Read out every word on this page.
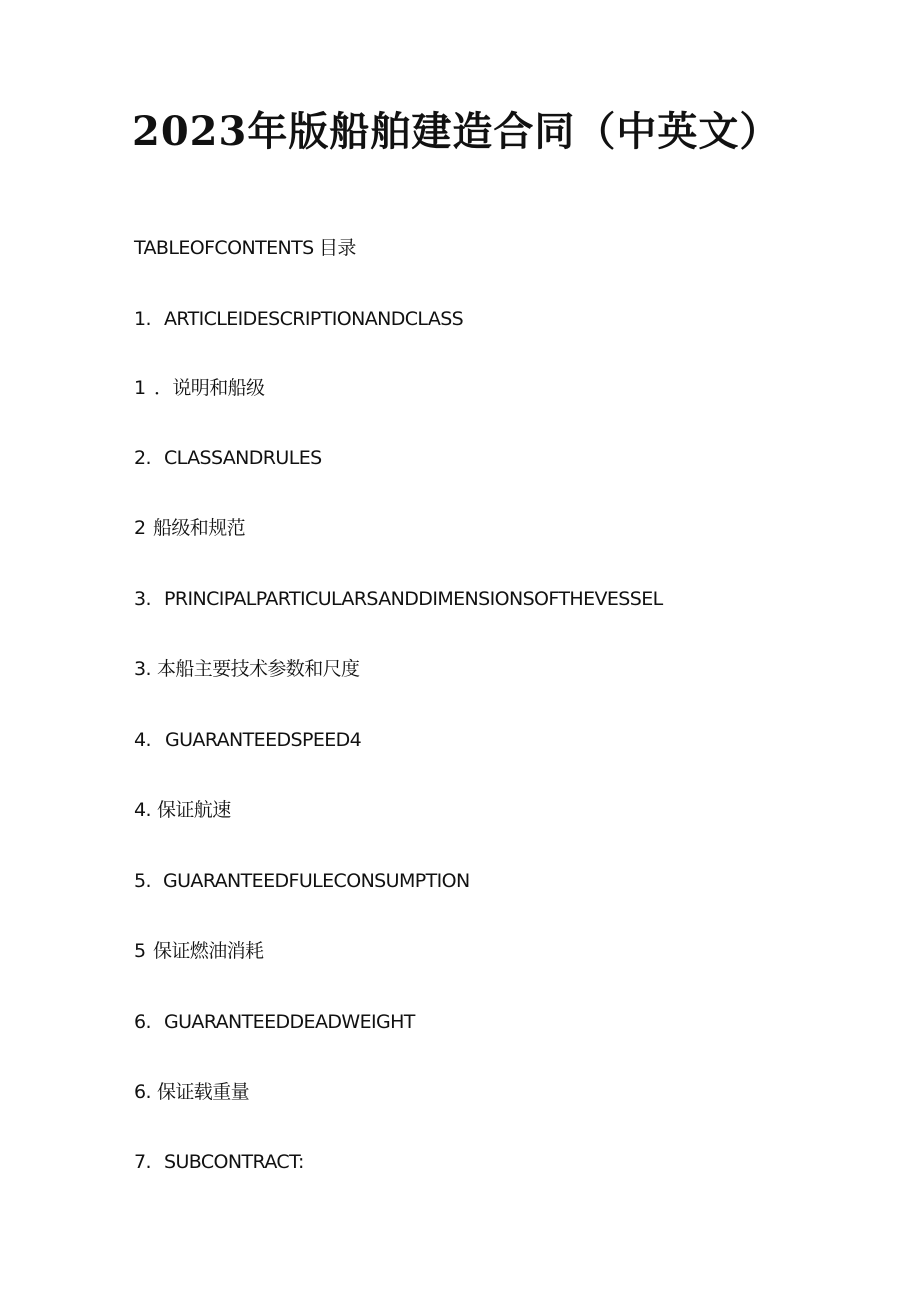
2023年版船舶建造合同（中英文）
TABLEOFCONTENTS 目录
1. ARTICLEIDESCRIPTIONANDCLASS
1 ．说明和船级
2. CLASSANDRULES
2 船级和规范
3. PRINCIPALPARTICULARSANDDIMENSIONSOFTHEVESSEL
3. 本船主要技术参数和尺度
4. GUARANTEEDSPEED4
4. 保证航速
5. GUARANTEEDFULECONSUMPTION
5 保证燃油消耗
6. GUARANTEEDDEADWEIGHT
6. 保证载重量
7. SUBCONTRACT:
